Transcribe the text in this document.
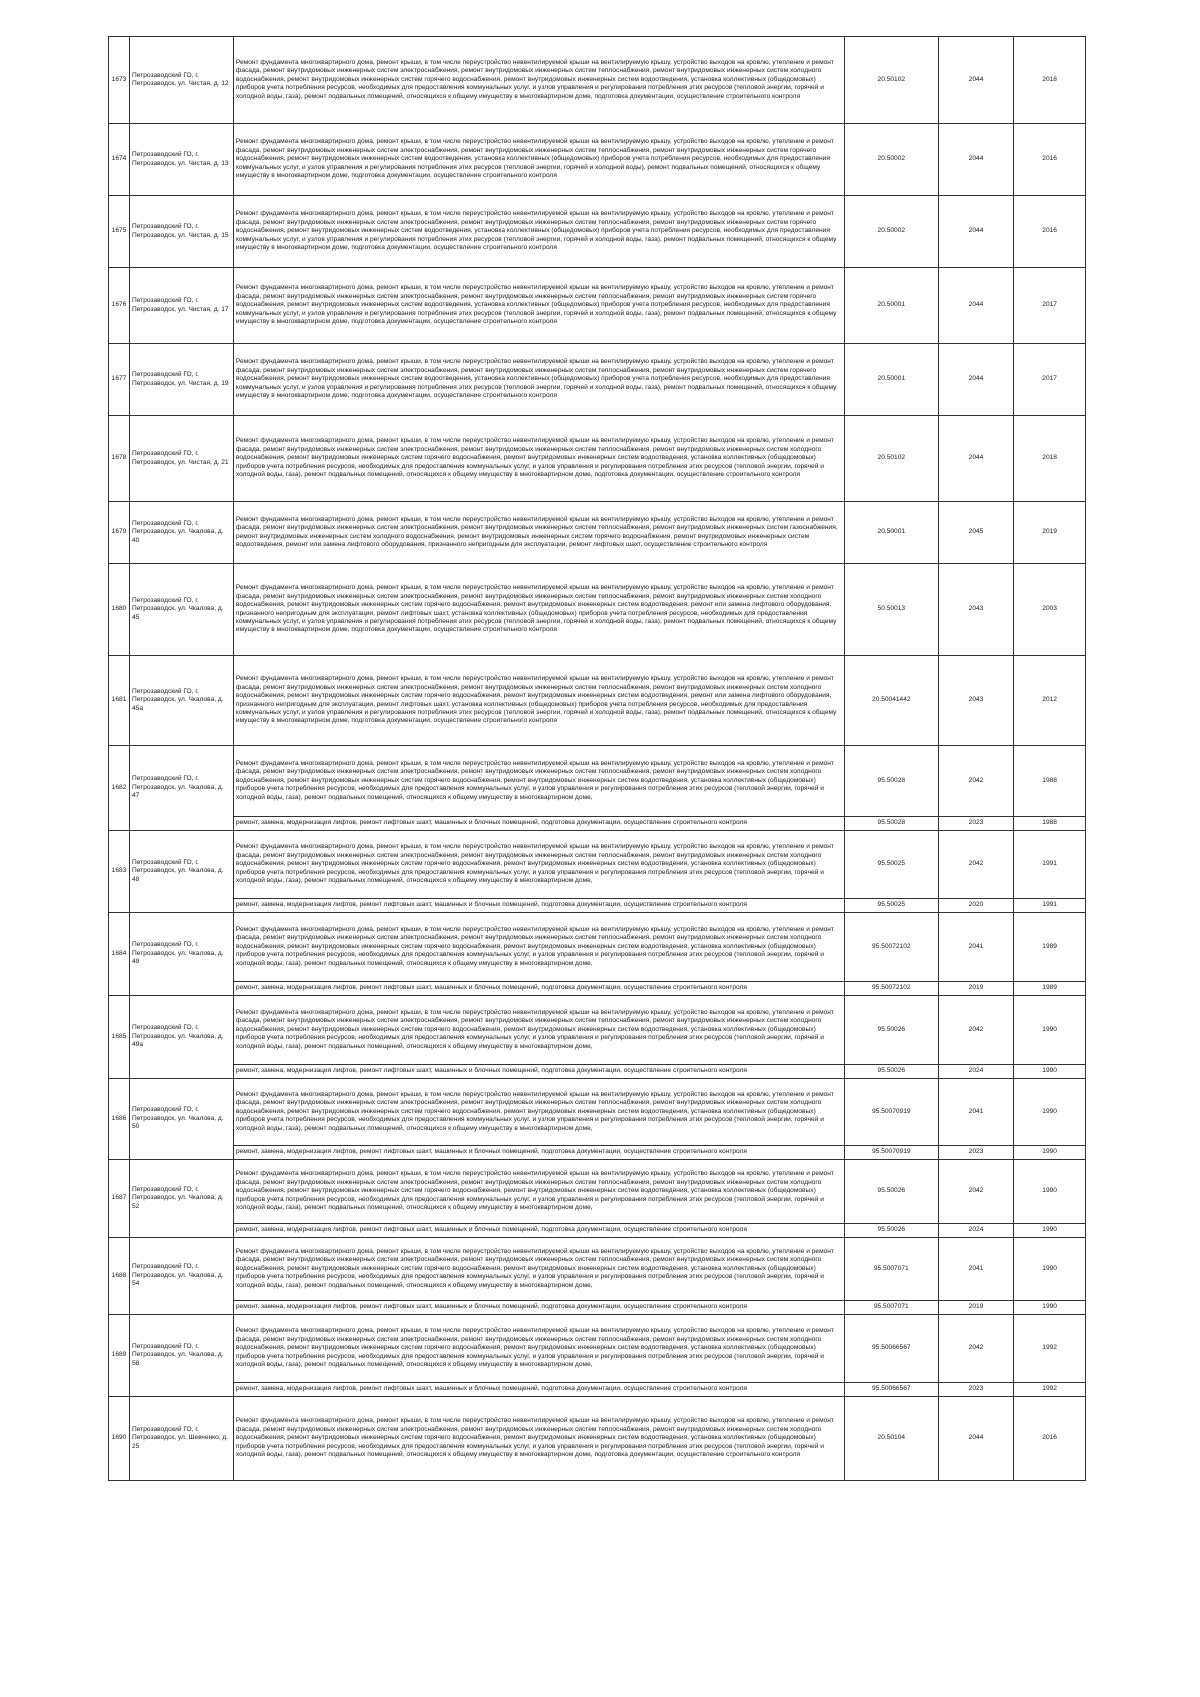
1673	Петрозаводский ГО, г. Петрозаводск, ул. Чистая, д. 12	Ремонт фундамента многоквартирного дома, ремонт крыши, в том числе переустройство невентилируемой крыши на вентилируемую крышу, устройство выходов на кровлю, утепление и ремонт фасада, ремонт внутридомовых инженерных систем электроснабжения, ремонт внутридомовых инженерных систем теплоснабжения, ремонт внутридомовых инженерных систем холодного водоснабжения, ремонт внутридомовых инженерных систем горячего водоснабжения, ремонт внутридомовых инженерных систем водоотведения, установка коллективных (общедомовых) приборов учета потребления ресурсов, необходимых для предоставления коммунальных услуг, и узлов управления и регулирования потребления этих ресурсов (тепловой энергии, горячей и холодной воды, газа), ремонт подвальных помещений, относящихся к общему имуществу в многоквартирном доме, подготовка документации, осуществление строительного контроля	20.50102	2044	2018
1674	Петрозаводский ГО, г. Петрозаводск, ул. Чистая, д. 13	Ремонт фундамента многоквартирного дома, ремонт крыши, в том числе переустройство невентилируемой крыши на вентилируемую крышу, устройство выходов на кровлю, утепление и ремонт фасада, ремонт внутридомовых инженерных систем электроснабжения, ремонт внутридомовых инженерных систем теплоснабжения, ремонт внутридомовых инженерных систем горячего водоснабжения, ремонт внутридомовых инженерных систем водоотведения, установка коллективных (общедомовых) приборов учета потребления ресурсов, необходимых для предоставления коммунальных услуг, и узлов управления и регулирования потребления этих ресурсов (тепловой энергии, горячей и холодной воды), ремонт подвальных помещений, относящихся к общему имуществу в многоквартирном доме, подготовка документации, осуществление строительного контроля	20.50002	2044	2016
1675	Петрозаводский ГО, г. Петрозаводск, ул. Чистая, д. 15	Ремонт фундамента многоквартирного дома, ремонт крыши, в том числе переустройство невентилируемой крыши на вентилируемую крышу, устройство выходов на кровлю, утепление и ремонт фасада, ремонт внутридомовых инженерных систем электроснабжения, ремонт внутридомовых инженерных систем теплоснабжения, ремонт внутридомовых инженерных систем горячего водоснабжения, ремонт внутридомовых инженерных систем водоотведения, установка коллективных (общедомовых) приборов учета потребления ресурсов, необходимых для предоставления коммунальных услуг, и узлов управления и регулирования потребления этих ресурсов (тепловой энергии, горячей и холодной воды, газа), ремонт подвальных помещений, относящихся к общему имуществу в многоквартирном доме, подготовка документации, осуществление строительного контроля	20.50002	2044	2016
1676	Петрозаводский ГО, г. Петрозаводск, ул. Чистая, д. 17	Ремонт фундамента многоквартирного дома, ремонт крыши, в том числе переустройство невентилируемой крыши на вентилируемую крышу, устройство выходов на кровлю, утепление и ремонт фасада, ремонт внутридомовых инженерных систем электроснабжения, ремонт внутридомовых инженерных систем теплоснабжения, ремонт внутридомовых инженерных систем горячего водоснабжения, ремонт внутридомовых инженерных систем водоотведения, установка коллективных (общедомовых) приборов учета потребления ресурсов, необходимых для предоставления коммунальных услуг, и узлов управления и регулирования потребления этих ресурсов (тепловой энергии, горячей и холодной воды, газа), ремонт подвальных помещений, относящихся к общему имуществу в многоквартирном доме, подготовка документации, осуществление строительного контроля	20.50001	2044	2017
1677	Петрозаводский ГО, г. Петрозаводск, ул. Чистая, д. 19	Ремонт фундамента многоквартирного дома, ремонт крыши, в том числе переустройство невентилируемой крыши на вентилируемую крышу, устройство выходов на кровлю, утепление и ремонт фасада, ремонт внутридомовых инженерных систем электроснабжения, ремонт внутридомовых инженерных систем теплоснабжения, ремонт внутридомовых инженерных систем горячего водоснабжения, ремонт внутридомовых инженерных систем водоотведения, установка коллективных (общедомовых) приборов учета потребления ресурсов, необходимых для предоставления коммунальных услуг, и узлов управления и регулирования потребления этих ресурсов (тепловой энергии, горячей и холодной воды, газа), ремонт подвальных помещений, относящихся к общему имуществу в многоквартирном доме, подготовка документации, осуществление строительного контроля	20.50001	2044	2017
1678	Петрозаводский ГО, г. Петрозаводск, ул. Чистая, д. 21	Ремонт фундамента многоквартирного дома, ремонт крыши, в том числе переустройство невентилируемой крыши на вентилируемую крышу, устройство выходов на кровлю, утепление и ремонт фасада, ремонт внутридомовых инженерных систем электроснабжения, ремонт внутридомовых инженерных систем теплоснабжения, ремонт внутридомовых инженерных систем холодного водоснабжения, ремонт внутридомовых инженерных систем горячего водоснабжения, ремонт внутридомовых инженерных систем водоотведения, установка коллективных (общедомовых) приборов учета потребления ресурсов, необходимых для предоставления коммунальных услуг, и узлов управления и регулирования потребления этих ресурсов (тепловой энергии, горячей и холодной воды, газа), ремонт подвальных помещений, относящихся к общему имуществу в многоквартирном доме, подготовка документации, осуществление строительного контроля	20.50102	2044	2018
1679	Петрозаводский ГО, г. Петрозаводск, ул. Чкалова, д. 40	Ремонт фундамента многоквартирного дома, ремонт крыши, в том числе переустройство невентилируемой крыши на вентилируемую крышу, устройство выходов на кровлю, утепление и ремонт фасада, ремонт внутридомовых инженерных систем электроснабжения, ремонт внутридомовых инженерных систем теплоснабжения, ремонт внутридомовых инженерных систем газоснабжения, ремонт внутридомовых инженерных систем холодного водоснабжения, ремонт внутридомовых инженерных систем горячего водоснабжения, ремонт внутридомовых инженерных систем водоотведения, ремонт или замена лифтового оборудования, признанного непригодным для эксплуатации, ремонт лифтовых шахт, осуществление строительного контроля	20.50001	2045	2019
1680	Петрозаводский ГО, г. Петрозаводск, ул. Чкалова, д. 45	Ремонт фундамента многоквартирного дома, ремонт крыши, в том числе переустройство невентилируемой крыши на вентилируемую крышу, устройство выходов на кровлю, утепление и ремонт фасада, ремонт внутридомовых инженерных систем электроснабжения, ремонт внутридомовых инженерных систем теплоснабжения, ремонт внутридомовых инженерных систем холодного водоснабжения, ремонт внутридомовых инженерных систем горячего водоснабжения, ремонт внутридомовых инженерных систем водоотведения, ремонт или замена лифтового оборудования, признанного непригодным для эксплуатации, ремонт лифтовых шахт, установка коллективных (общедомовых) приборов учета потребления ресурсов, необходимых для предоставления коммунальных услуг, и узлов управления и регулирования потребления этих ресурсов (тепловой энергии, горячей и холодной воды, газа), ремонт подвальных помещений, относящихся к общему имуществу в многоквартирном доме, подготовка документации, осуществление строительного контроля	50.50013	2043	2003
1681	Петрозаводский ГО, г. Петрозаводск, ул. Чкалова, д. 45а	Ремонт фундамента многоквартирного дома, ремонт крыши, в том числе переустройство невентилируемой крыши на вентилируемую крышу, устройство выходов на кровлю, утепление и ремонт фасада, ремонт внутридомовых инженерных систем электроснабжения, ремонт внутридомовых инженерных систем теплоснабжения, ремонт внутридомовых инженерных систем холодного водоснабжения, ремонт внутридомовых инженерных систем горячего водоснабжения, ремонт внутридомовых инженерных систем водоотведения, ремонт или замена лифтового оборудования, признанного непригодным для эксплуатации, ремонт лифтовых шахт, установка коллективных (общедомовых) приборов учета потребления ресурсов, необходимых для предоставления коммунальных услуг, и узлов управления и регулирования потребления этих ресурсов (тепловой энергии, горячей и холодной воды, газа), ремонт подвальных помещений, относящихся к общему имуществу в многоквартирном доме, подготовка документации, осуществление строительного контроля	20.50041442	2043	2012
1682	Петрозаводский ГО, г. Петрозаводск, ул. Чкалова, д. 47	Ремонт фундамента многоквартирного дома, ремонт крыши, в том числе переустройство невентилируемой крыши на вентилируемую крышу, устройство выходов на кровлю, утепление и ремонт фасада, ремонт внутридомовых инженерных систем электроснабжения, ремонт внутридомовых инженерных систем теплоснабжения, ремонт внутридомовых инженерных систем холодного водоснабжения, ремонт внутридомовых инженерных систем горячего водоснабжения, ремонт внутридомовых инженерных систем водоотведения, установка коллективных (общедомовых) приборов учета потребления ресурсов, необходимых для предоставления коммунальных услуг, и узлов управления и регулирования потребления этих ресурсов (тепловой энергии, горячей и холодной воды, газа), ремонт подвальных помещений, относящихся к общему имуществу в многоквартирном доме,	95.50028	2042	1988
		ремонт, замена, модернизация лифтов, ремонт лифтовых шахт, машинных и блочных помещений, подготовка документации, осуществление строительного контроля	95.50028	2023	1988
1683	Петрозаводский ГО, г. Петрозаводск, ул. Чкалова, д. 48	Ремонт фундамента многоквартирного дома, ремонт крыши, в том числе переустройство невентилируемой крыши на вентилируемую крышу, устройство выходов на кровлю, утепление и ремонт фасада, ремонт внутридомовых инженерных систем электроснабжения, ремонт внутридомовых инженерных систем теплоснабжения, ремонт внутридомовых инженерных систем холодного водоснабжения, ремонт внутридомовых инженерных систем горячего водоснабжения, ремонт внутридомовых инженерных систем водоотведения, установка коллективных (общедомовых) приборов учета потребления ресурсов, необходимых для предоставления коммунальных услуг, и узлов управления и регулирования потребления этих ресурсов (тепловой энергии, горячей и холодной воды, газа), ремонт подвальных помещений, относящихся к общему имуществу в многоквартирном доме,	95.50025	2042	1991
		ремонт, замена, модернизация лифтов, ремонт лифтовых шахт, машинных и блочных помещений, подготовка документации, осуществление строительного контроля	95.50025	2020	1991
1684	Петрозаводский ГО, г. Петрозаводск, ул. Чкалова, д. 49	Ремонт фундамента многоквартирного дома, ремонт крыши, в том числе переустройство невентилируемой крыши на вентилируемую крышу, устройство выходов на кровлю, утепление и ремонт фасада, ремонт внутридомовых инженерных систем электроснабжения, ремонт внутридомовых инженерных систем теплоснабжения, ремонт внутридомовых инженерных систем холодного водоснабжения, ремонт внутридомовых инженерных систем горячего водоснабжения, ремонт внутридомовых инженерных систем водоотведения, установка коллективных (общедомовых) приборов учета потребления ресурсов, необходимых для предоставления коммунальных услуг, и узлов управления и регулирования потребления этих ресурсов (тепловой энергии, горячей и холодной воды, газа), ремонт подвальных помещений, относящихся к общему имуществу в многоквартирном доме,	95.50072102	2041	1989
		ремонт, замена, модернизация лифтов, ремонт лифтовых шахт, машинных и блочных помещений, подготовка документации, осуществление строительного контроля	95.50072102	2019	1989
1685	Петрозаводский ГО, г. Петрозаводск, ул. Чкалова, д. 49а	Ремонт фундамента многоквартирного дома, ремонт крыши, в том числе переустройство невентилируемой крыши на вентилируемую крышу, устройство выходов на кровлю, утепление и ремонт фасада, ремонт внутридомовых инженерных систем электроснабжения, ремонт внутридомовых инженерных систем теплоснабжения, ремонт внутридомовых инженерных систем холодного водоснабжения, ремонт внутридомовых инженерных систем горячего водоснабжения, ремонт внутридомовых инженерных систем водоотведения, установка коллективных (общедомовых) приборов учета потребления ресурсов, необходимых для предоставления коммунальных услуг, и узлов управления и регулирования потребления этих ресурсов (тепловой энергии, горячей и холодной воды, газа), ремонт подвальных помещений, относящихся к общему имуществу в многоквартирном доме,	95.50026	2042	1990
		ремонт, замена, модернизация лифтов, ремонт лифтовых шахт, машинных и блочных помещений, подготовка документации, осуществление строительного контроля	95.50026	2024	1990
1686	Петрозаводский ГО, г. Петрозаводск, ул. Чкалова, д. 50	Ремонт фундамента многоквартирного дома, ремонт крыши, в том числе переустройство невентилируемой крыши на вентилируемую крышу, устройство выходов на кровлю, утепление и ремонт фасада, ремонт внутридомовых инженерных систем электроснабжения, ремонт внутридомовых инженерных систем теплоснабжения, ремонт внутридомовых инженерных систем холодного водоснабжения, ремонт внутридомовых инженерных систем горячего водоснабжения, ремонт внутридомовых инженерных систем водоотведения, установка коллективных (общедомовых) приборов учета потребления ресурсов, необходимых для предоставления коммунальных услуг, и узлов управления и регулирования потребления этих ресурсов (тепловой энергии, горячей и холодной воды, газа), ремонт подвальных помещений, относящихся к общему имуществу в многоквартирном доме,	95.50070919	2041	1990
		ремонт, замена, модернизация лифтов, ремонт лифтовых шахт, машинных и блочных помещений, подготовка документации, осуществление строительного контроля	95.50070919	2023	1990
1687	Петрозаводский ГО, г. Петрозаводск, ул. Чкалова, д. 52	Ремонт фундамента многоквартирного дома, ремонт крыши, в том числе переустройство невентилируемой крыши на вентилируемую крышу, устройство выходов на кровлю, утепление и ремонт фасада, ремонт внутридомовых инженерных систем электроснабжения, ремонт внутридомовых инженерных систем теплоснабжения, ремонт внутридомовых инженерных систем холодного водоснабжения, ремонт внутридомовых инженерных систем горячего водоснабжения, ремонт внутридомовых инженерных систем водоотведения, установка коллективных (общедомовых) приборов учета потребления ресурсов, необходимых для предоставления коммунальных услуг, и узлов управления и регулирования потребления этих ресурсов (тепловой энергии, горячей и холодной воды, газа), ремонт подвальных помещений, относящихся к общему имуществу в многоквартирном доме,	95.50026	2042	1990
		ремонт, замена, модернизация лифтов, ремонт лифтовых шахт, машинных и блочных помещений, подготовка документации, осуществление строительного контроля	95.50026	2024	1990
1688	Петрозаводский ГО, г. Петрозаводск, ул. Чкалова, д. 54	Ремонт фундамента многоквартирного дома, ремонт крыши, в том числе переустройство невентилируемой крыши на вентилируемую крышу, устройство выходов на кровлю, утепление и ремонт фасада, ремонт внутридомовых инженерных систем электроснабжения, ремонт внутридомовых инженерных систем теплоснабжения, ремонт внутридомовых инженерных систем холодного водоснабжения, ремонт внутридомовых инженерных систем горячего водоснабжения, ремонт внутридомовых инженерных систем водоотведения, установка коллективных (общедомовых) приборов учета потребления ресурсов, необходимых для предоставления коммунальных услуг, и узлов управления и регулирования потребления этих ресурсов (тепловой энергии, горячей и холодной воды, газа), ремонт подвальных помещений, относящихся к общему имуществу в многоквартирном доме,	95.5007071	2041	1990
		ремонт, замена, модернизация лифтов, ремонт лифтовых шахт, машинных и блочных помещений, подготовка документации, осуществление строительного контроля	95.5007071	2019	1990
1689	Петрозаводский ГО, г. Петрозаводск, ул. Чкалова, д. 58	Ремонт фундамента многоквартирного дома, ремонт крыши, в том числе переустройство невентилируемой крыши на вентилируемую крышу, устройство выходов на кровлю, утепление и ремонт фасада, ремонт внутридомовых инженерных систем электроснабжения, ремонт внутридомовых инженерных систем теплоснабжения, ремонт внутридомовых инженерных систем холодного водоснабжения, ремонт внутридомовых инженерных систем горячего водоснабжения, ремонт внутридомовых инженерных систем водоотведения, установка коллективных (общедомовых) приборов учета потребления ресурсов, необходимых для предоставления коммунальных услуг, и узлов управления и регулирования потребления этих ресурсов (тепловой энергии, горячей и холодной воды, газа), ремонт подвальных помещений, относящихся к общему имуществу в многоквартирном доме,	95.50066567	2042	1992
		ремонт, замена, модернизация лифтов, ремонт лифтовых шахт, машинных и блочных помещений, подготовка документации, осуществление строительного контроля	95.50066567	2023	1992
1690	Петрозаводский ГО, г. Петрозаводск, ул. Шевченко, д. 25	Ремонт фундамента многоквартирного дома, ремонт крыши, в том числе переустройство невентилируемой крыши на вентилируемую крышу, устройство выходов на кровлю, утепление и ремонт фасада, ремонт внутридомовых инженерных систем электроснабжения, ремонт внутридомовых инженерных систем теплоснабжения, ремонт внутридомовых инженерных систем холодного водоснабжения, ремонт внутридомовых инженерных систем горячего водоснабжения, ремонт внутридомовых инженерных систем водоотведения, установка коллективных (общедомовых) приборов учета потребления ресурсов, необходимых для предоставления коммунальных услуг, и узлов управления и регулирования потребления этих ресурсов (тепловой энергии, горячей и холодной воды, газа), ремонт подвальных помещений, относящихся к общему имуществу в многоквартирном доме, подготовка документации, осуществление строительного контроля	20.50104	2044	2016
